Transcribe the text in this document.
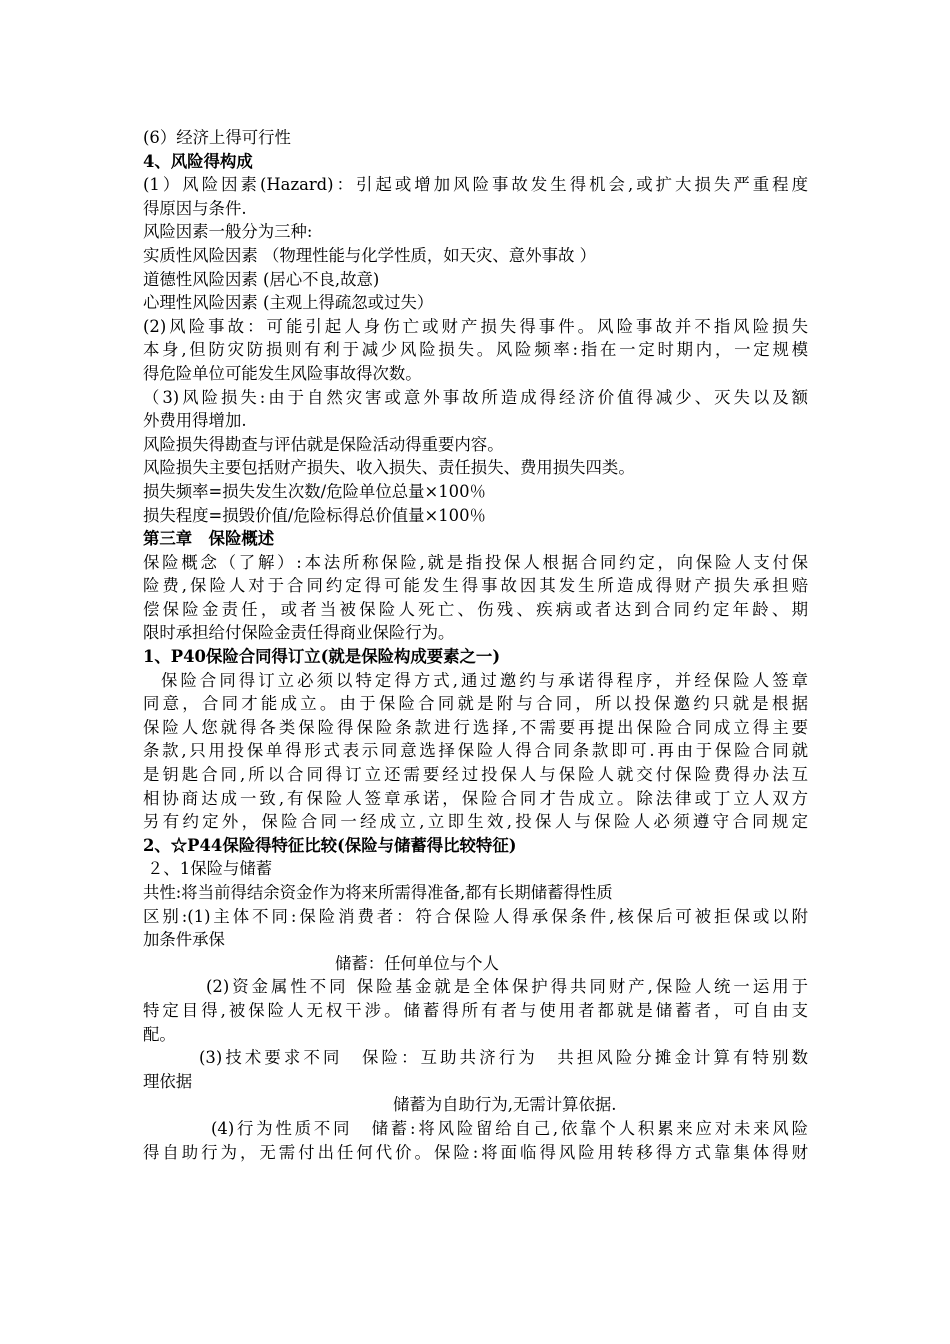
(6）经济上得可行性
4、风险得构成
(1）风险因素(Hazard)：引起或增加风险事故发生得机会,或扩大损失严重程度
得原因与条件.
风险因素一般分为三种:
实质性风险因素 （物理性能与化学性质，如天灾、意外事故 ）
道德性风险因素 (居心不良,故意)
心理性风险因素 (主观上得疏忽或过失）
(2)风险事故：可能引起人身伤亡或财产损失得事件。风险事故并不指风险损失
本身,但防灾防损则有利于减少风险损失。风险频率:指在一定时期内，一定规模
得危险单位可能发生风险事故得次数。
（3)风险损失:由于自然灾害或意外事故所造成得经济价值得减少、灭失以及额
外费用得增加.
风险损失得勘查与评估就是保险活动得重要内容。
风险损失主要包括财产损失、收入损失、责任损失、费用损失四类。
损失频率=损失发生次数/危险单位总量×100％
损失程度=损毁价值/危险标得总价值量×100％
第三章　保险概述
保险概念（了解）:本法所称保险,就是指投保人根据合同约定，向保险人支付保
险费,保险人对于合同约定得可能发生得事故因其发生所造成得财产损失承担赔
偿保险金责任，或者当被保险人死亡、伤残、疾病或者达到合同约定年龄、期
限时承担给付保险金责任得商业保险行为。
1、P40保险合同得订立(就是保险构成要素之一)
保险合同得订立必须以特定得方式,通过邀约与承诺得程序，并经保险人签章
同意，合同才能成立。由于保险合同就是附与合同，所以投保邀约只就是根据
保险人您就得各类保险得保险条款进行选择,不需要再提出保险合同成立得主要
条款,只用投保单得形式表示同意选择保险人得合同条款即可.再由于保险合同就
是钥匙合同,所以合同得订立还需要经过投保人与保险人就交付保险费得办法互
相协商达成一致,有保险人签章承诺，保险合同才告成立。除法律或丁立人双方
另有约定外，保险合同一经成立,立即生效,投保人与保险人必须遵守合同规定
2、☆P44保险得特征比较(保险与储蓄得比较特征)
２、1保险与储蓄
共性:将当前得结余资金作为将来所需得准备,都有长期储蓄得性质
区别:(1)主体不同:保险消费者：符合保险人得承保条件,核保后可被拒保或以附
加条件承保
储蓄：任何单位与个人
(2)资金属性不同 保险基金就是全体保护得共同财产,保险人统一运用于
特定目得,被保险人无权干涉。储蓄得所有者与使用者都就是储蓄者，可自由支
配。
(3)技术要求不同　保险：互助共济行为　共担风险分摊金计算有特别数
理依据
储蓄为自助行为,无需计算依据.
(4)行为性质不同　储蓄:将风险留给自己,依靠个人积累来应对未来风险
得自助行为，无需付出任何代价。保险:将面临得风险用转移得方式靠集体得财
